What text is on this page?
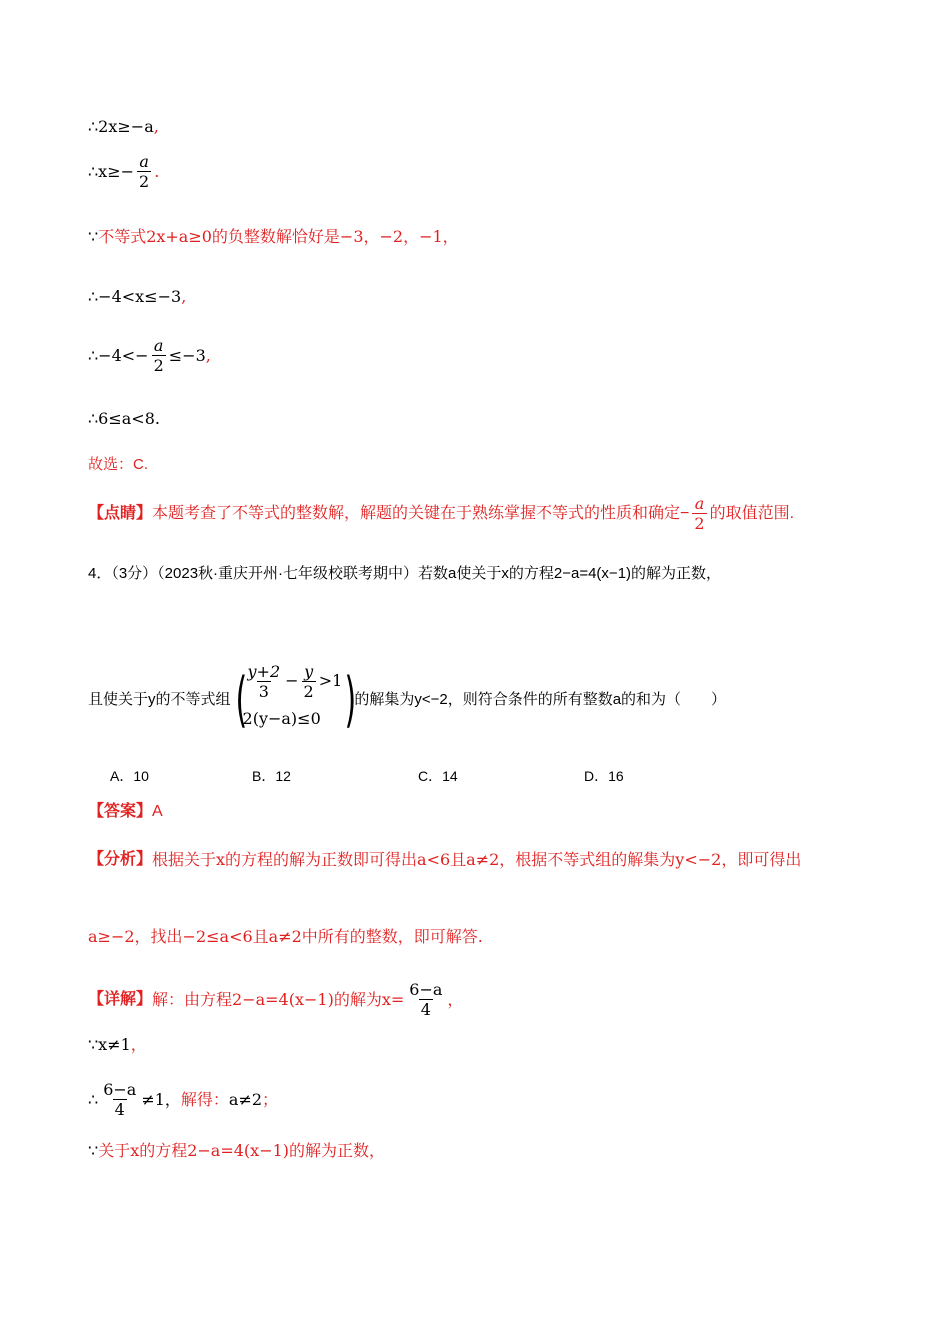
∴2x≥−a ,
∴x≥− $\frac{a}{2}$ .
∵ 不等式2x+a≥0的负整数解恰好是−3，−2，−1，
∴−4<x≤−3 ,
∴−4<− $\frac{a}{2} \le-3$ ,
∴6≤a<8 .
故选：C.
【点睛】 本题考查了不等式的整数解，解题的关键在于熟练掌握不等式的性质和确定− $\frac{a}{2}$ 的取值范围.
4．（3分）（2023秋·重庆开州·七年级校联考期中）若数a使关于x的方程2−a=4(x−1)的解为正数，
且使关于y的不等式组 (
$\frac{y+2}{3} - \frac{y}{2} >1$
2(y−a)≤0 )
的解集为y<−2，则符合条件的所有整数a的和为（　　）
A．10	B．12	C．14	D．16
【答案】 A
【分析】 根据关于x的方程的解为正数即可得出a<6且a≠2，根据不等式组的解集为y<−2，即可得出
a≥−2，找出−2≤a<6且a≠2中所有的整数，即可解答.
【详解】 解：由方程2−a=4(x−1)的解为$x= \frac{6-a}{4}$ ，
∵x≠1 ，
∴ $\frac{6-a}{4} \ne 1$， 解得： a≠2 ；
∵ 关于x的方程2−a=4(x−1)的解为正数，
